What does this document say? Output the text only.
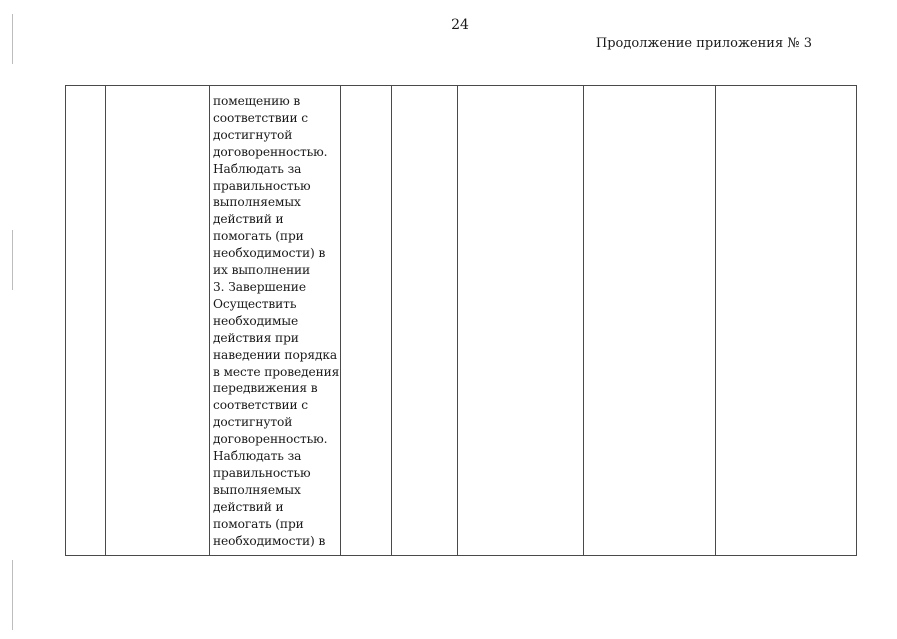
24
Продолжение приложения № 3

помещению в
соответствии с
достигнутой
договоренностью.
Наблюдать за
правильностью
выполняемых
действий и
помогать (при
необходимости) в
их выполнении
3. Завершение
Осуществить
необходимые
действия при
наведении порядка
в месте проведения
передвижения в
соответствии с
достигнутой
договоренностью.
Наблюдать за
правильностью
выполняемых
действий и
помогать (при
необходимости) в
